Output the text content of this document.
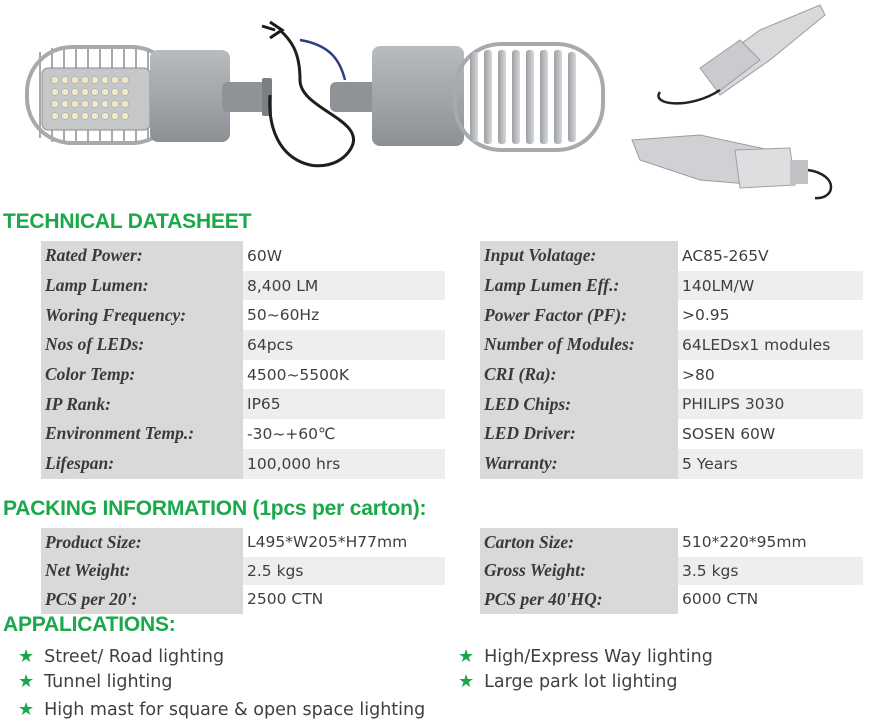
TECHNICAL DATASHEET
Rated Power:	60W
Lamp Lumen:	8,400 LM
Woring Frequency:	50~60Hz
Nos of LEDs:	64pcs
Color Temp:	4500~5500K
IP Rank:	IP65
Environment Temp.:	-30~+60℃
Lifespan:	100,000 hrs
Input Volatage:	AC85-265V
Lamp Lumen Eff.:	140LM/W
Power Factor (PF):	>0.95
Number of Modules:	64LEDsx1 modules
CRI (Ra):	>80
LED Chips:	PHILIPS 3030
LED Driver:	SOSEN 60W
Warranty:	5 Years
PACKING INFORMATION (1pcs per carton):
Product Size:	L495*W205*H77mm
Net Weight:	2.5 kgs
PCS per 20':	2500 CTN
Carton Size:	510*220*95mm
Gross Weight:	3.5 kgs
PCS per 40'HQ:	6000 CTN
APPALICATIONS:
★ Street/ Road lighting	★ High/Express Way lighting
★ Tunnel lighting	★ Large park lot lighting
★ High mast for square & open space lighting
